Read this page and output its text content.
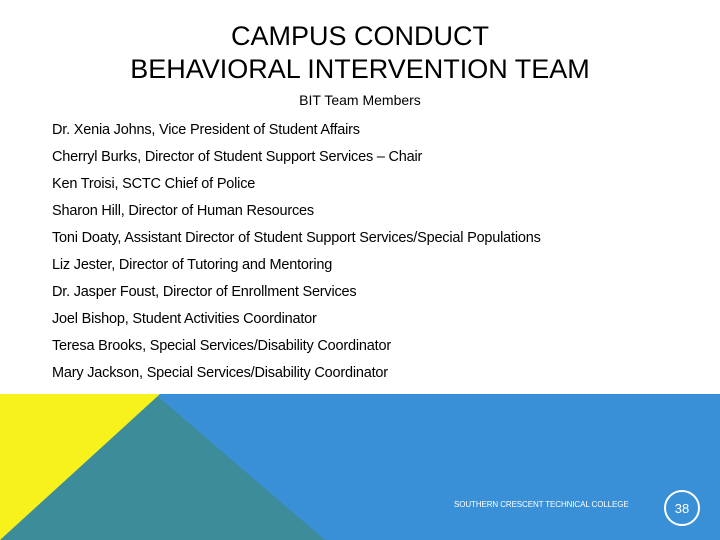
CAMPUS CONDUCT
BEHAVIORAL INTERVENTION TEAM
BIT Team Members
Dr. Xenia Johns, Vice President of Student Affairs
Cherryl Burks, Director of Student Support Services – Chair
Ken Troisi, SCTC Chief of Police
Sharon Hill, Director of Human Resources
Toni Doaty, Assistant Director of Student Support Services/Special Populations
Liz Jester, Director of Tutoring and Mentoring
Dr. Jasper Foust, Director of Enrollment Services
Joel Bishop, Student Activities Coordinator
Teresa Brooks, Special Services/Disability Coordinator
Mary Jackson, Special Services/Disability Coordinator
SOUTHERN CRESCENT TECHNICAL COLLEGE	38
